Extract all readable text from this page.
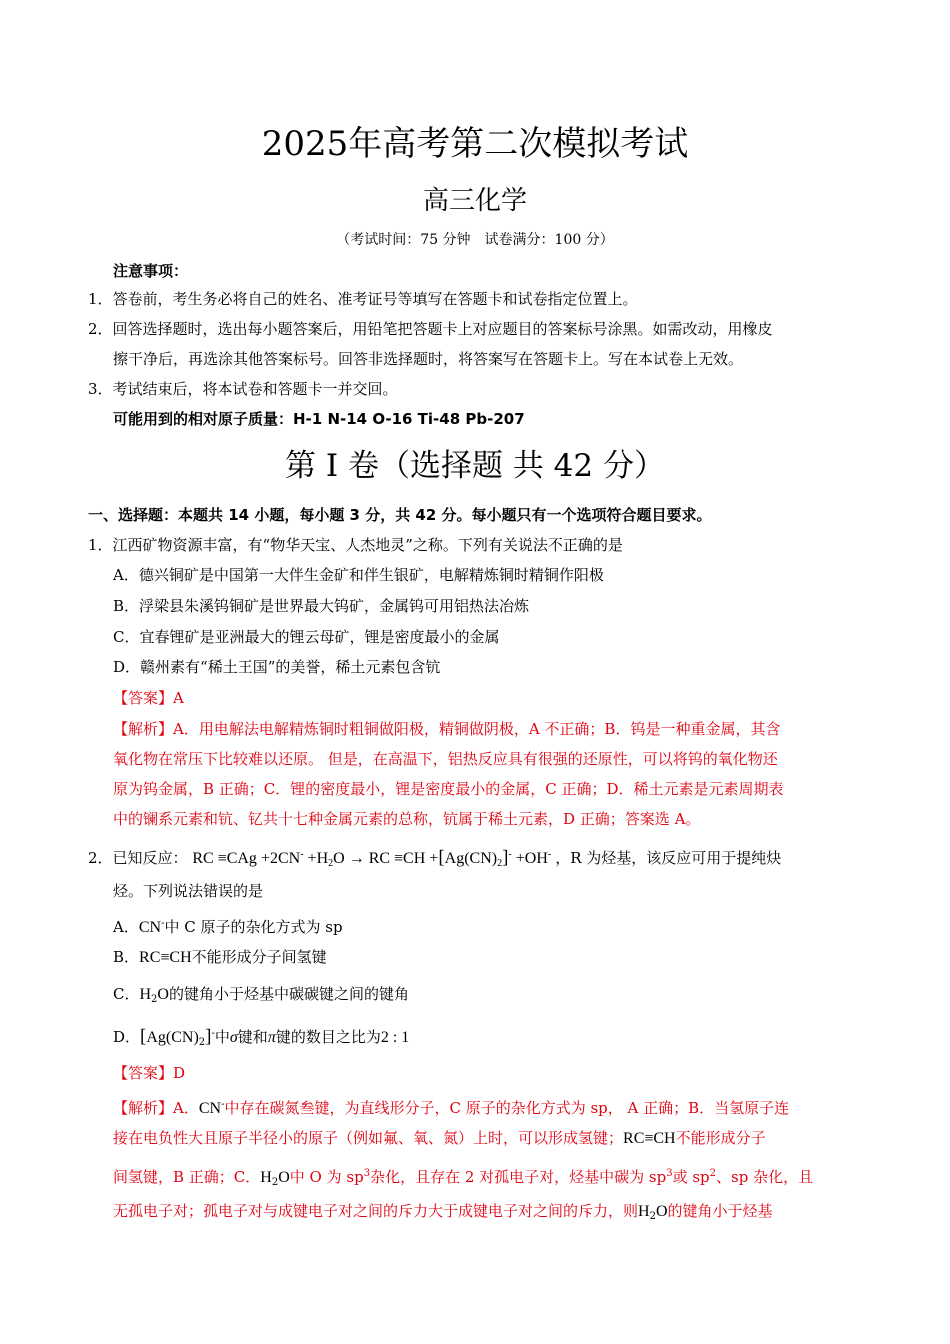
2025年高考第二次模拟考试
高三化学
（考试时间：75 分钟　试卷满分：100 分）
注意事项：
1．答卷前，考生务必将自己的姓名、准考证号等填写在答题卡和试卷指定位置上。
2．回答选择题时，选出每小题答案后，用铅笔把答题卡上对应题目的答案标号涂黑。如需改动，用橡皮
擦干净后，再选涂其他答案标号。回答非选择题时，将答案写在答题卡上。写在本试卷上无效。
3．考试结束后，将本试卷和答题卡一并交回。
可能用到的相对原子质量：H-1 N-14 O-16 Ti-48 Pb-207
第 I 卷（选择题 共 42 分）
一、选择题：本题共 14 小题，每小题 3 分，共 42 分。每小题只有一个选项符合题目要求。
1．江西矿物资源丰富，有“物华天宝、人杰地灵”之称。下列有关说法不正确的是
A．德兴铜矿是中国第一大伴生金矿和伴生银矿，电解精炼铜时精铜作阳极
B．浮梁县朱溪钨铜矿是世界最大钨矿，金属钨可用铝热法冶炼
C．宜春锂矿是亚洲最大的锂云母矿，锂是密度最小的金属
D．赣州素有“稀土王国”的美誉，稀土元素包含钪
【答案】A
【解析】A．用电解法电解精炼铜时粗铜做阳极，精铜做阴极，A 不正确；B．钨是一种重金属，其含
氧化物在常压下比较难以还原。 但是，在高温下，铝热反应具有很强的还原性，可以将钨的氧化物还
原为钨金属，B 正确；C．锂的密度最小，锂是密度最小的金属，C 正确；D．稀土元素是元素周期表
中的镧系元素和钪、钇共十七种金属元素的总称，钪属于稀土元素，D 正确；答案选 A。
2．已知反应： RC $\equiv CAg +2CN^- +H_2O$ → RC $\equiv CH +[Ag(CN)_2]^- +OH^-$ ，R 为烃基，该反应可用于提纯炔
烃。下列说法错误的是
A．CN-中 C 原子的杂化方式为 sp
B．RC≡CH不能形成分子间氢键
C．$H_2O$的键角小于烃基中碳碳键之间的键角
D．$[Ag(CN)_2]^-$中σ键和π键的数目之比为2 : 1
【答案】D
【解析】A．CN-中存在碳氮叁键，为直线形分子，C 原子的杂化方式为 sp， A 正确；B．当氢原子连
接在电负性大且原子半径小的原子（例如氟、氧、氮）上时，可以形成氢键；RC≡CH不能形成分子
间氢键，B 正确；C．$H_2O$中 O 为 $sp^3$杂化，且存在 2 对孤电子对，烃基中碳为 $sp^3$或 $sp^2$、sp 杂化，且
无孤电子对；孤电子对与成键电子对之间的斥力大于成键电子对之间的斥力，则$H_2O$的键角小于烃基
